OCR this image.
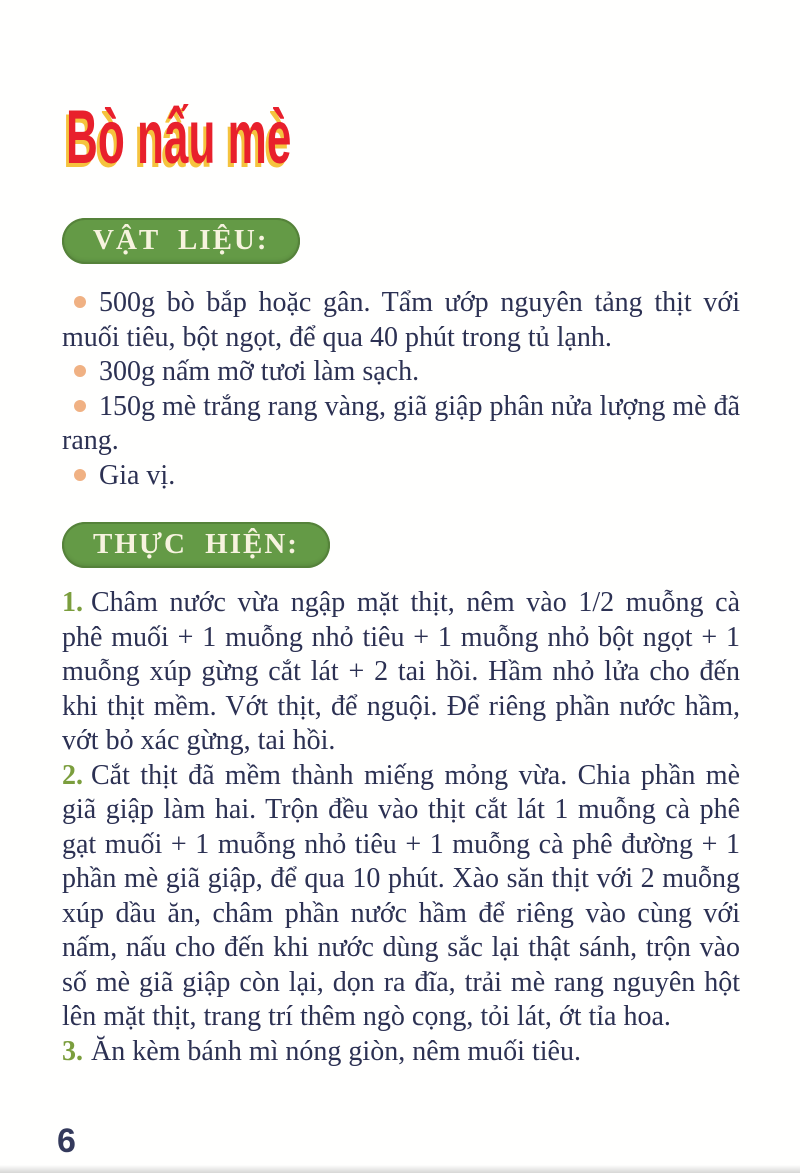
Bò nấu mè
VẬT LIỆU:
500g bò bắp hoặc gân. Tẩm ướp nguyên tảng thịt với muối tiêu, bột ngọt, để qua 40 phút trong tủ lạnh.
300g nấm mỡ tươi làm sạch.
150g mè trắng rang vàng, giã giập phân nửa lượng mè đã rang.
Gia vị.
THỰC HIỆN:

1. Châm nước vừa ngập mặt thịt, nêm vào 1/2 muỗng cà phê muối + 1 muỗng nhỏ tiêu + 1 muỗng nhỏ bột ngọt + 1 muỗng xúp gừng cắt lát + 2 tai hồi. Hầm nhỏ lửa cho đến khi thịt mềm. Vớt thịt, để nguội. Để riêng phần nước hầm, vớt bỏ xác gừng, tai hồi.

2. Cắt thịt đã mềm thành miếng mỏng vừa. Chia phần mè giã giập làm hai. Trộn đều vào thịt cắt lát 1 muỗng cà phê gạt muối + 1 muỗng nhỏ tiêu + 1 muỗng cà phê đường + 1 phần mè giã giập, để qua 10 phút. Xào săn thịt với 2 muỗng xúp dầu ăn, châm phần nước hầm để riêng vào cùng với nấm, nấu cho đến khi nước dùng sắc lại thật sánh, trộn vào số mè giã giập còn lại, dọn ra đĩa, trải mè rang nguyên hột lên mặt thịt, trang trí thêm ngò cọng, tỏi lát, ớt tỉa hoa.

3. Ăn kèm bánh mì nóng giòn, nêm muối tiêu.

6
